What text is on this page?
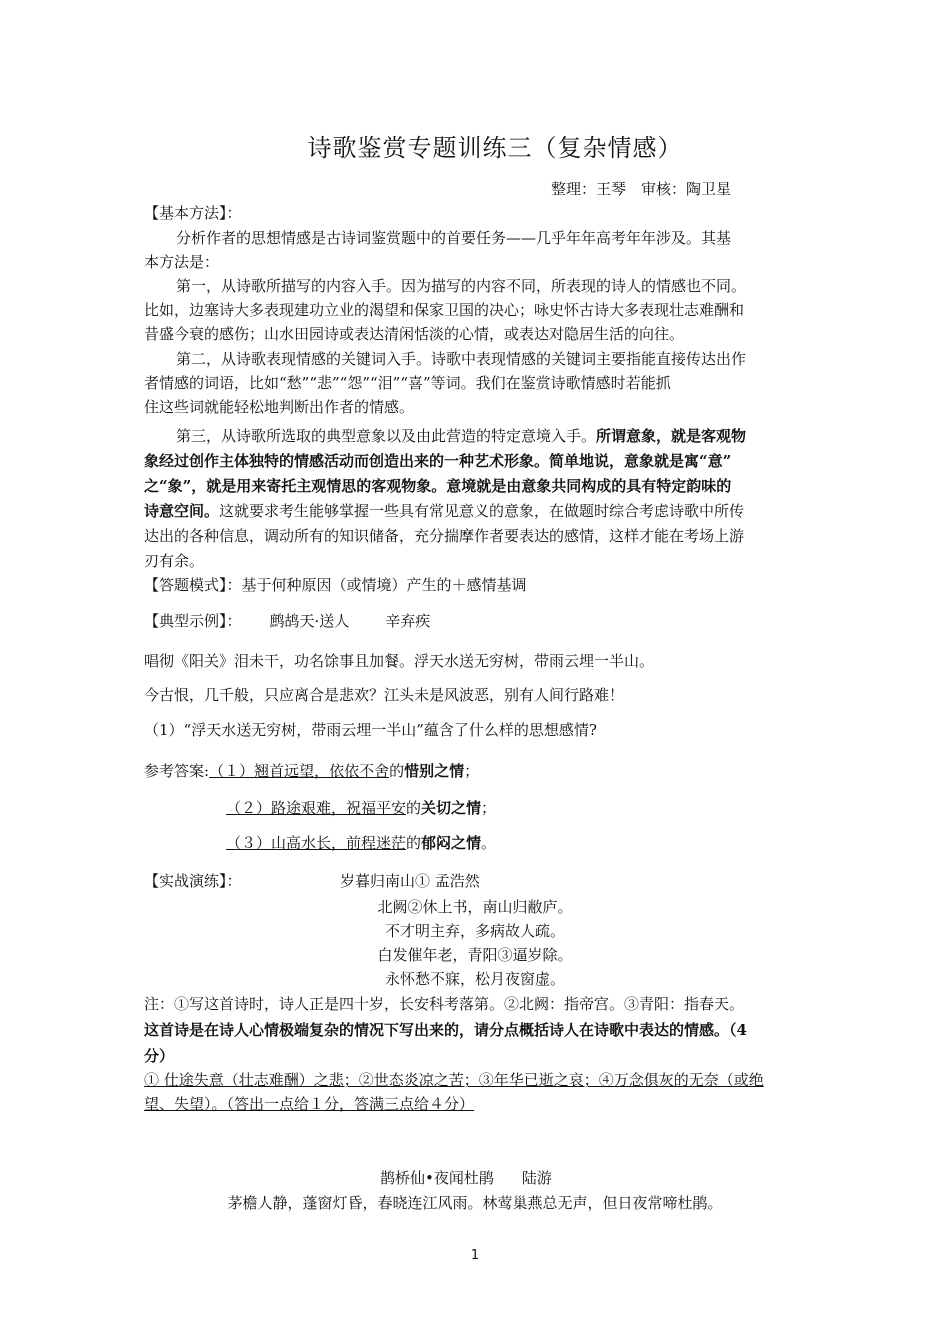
诗歌鉴赏专题训练三（复杂情感）
整理：王琴　审核：陶卫星
【基本方法】：
分析作者的思想情感是古诗词鉴赏题中的首要任务——几乎年年高考年年涉及。其基
本方法是：
第一，从诗歌所描写的内容入手。因为描写的内容不同，所表现的诗人的情感也不同。
比如，边塞诗大多表现建功立业的渴望和保家卫国的决心；咏史怀古诗大多表现壮志难酬和
昔盛今衰的感伤；山水田园诗或表达清闲恬淡的心情，或表达对隐居生活的向往。
第二，从诗歌表现情感的关键词入手。诗歌中表现情感的关键词主要指能直接传达出作
者情感的词语，比如“愁”“悲”“怨”“泪”“喜”等词。我们在鉴赏诗歌情感时若能抓
住这些词就能轻松地判断出作者的情感。
第三，从诗歌所选取的典型意象以及由此营造的特定意境入手。所谓意象，就是客观物
象经过创作主体独特的情感活动而创造出来的一种艺术形象。简单地说，意象就是寓“意”
之“象”，就是用来寄托主观情思的客观物象。意境就是由意象共同构成的具有特定韵味的
诗意空间。这就要求考生能够掌握一些具有常见意义的意象，在做题时综合考虑诗歌中所传
达出的各种信息，调动所有的知识储备，充分揣摩作者要表达的感情，这样才能在考场上游
刃有余。
【答题模式】：基于何种原因（或情境）产生的＋感情基调
【典型示例】： 鹧鸪天·送人 辛弃疾
唱彻《阳关》泪未干，功名馀事且加餐。浮天水送无穷树，带雨云埋一半山。
今古恨，几千般，只应离合是悲欢？江头未是风波恶，别有人间行路难！
（1）“浮天水送无穷树，带雨云埋一半山”蕴含了什么样的思想感情?
参考答案:（１）翘首远望，依依不舍的惜别之情；
（２）路途艰难，祝福平安的关切之情；
（３）山高水长，前程迷茫的郁闷之情。
【实战演练】：	岁暮归南山① 孟浩然
北阙②休上书，南山归敝庐。
不才明主弃，多病故人疏。
白发催年老，青阳③逼岁除。
永怀愁不寐，松月夜窗虚。
注：①写这首诗时，诗人正是四十岁，长安科考落第。②北阙：指帝宫。③青阳：指春天。
这首诗是在诗人心情极端复杂的情况下写出来的，请分点概括诗人在诗歌中表达的情感。（4
分）
① 仕途失意（壮志难酬）之悲；②世态炎凉之苦；③年华已逝之哀；④万念俱灰的无奈（或绝
望、失望）。（答出一点给１分，答满三点给４分）
鹊桥仙•夜闻杜鹃 陆游
茅檐人静，蓬窗灯昏，春晓连江风雨。林莺巢燕总无声，但日夜常啼杜鹃。
1
